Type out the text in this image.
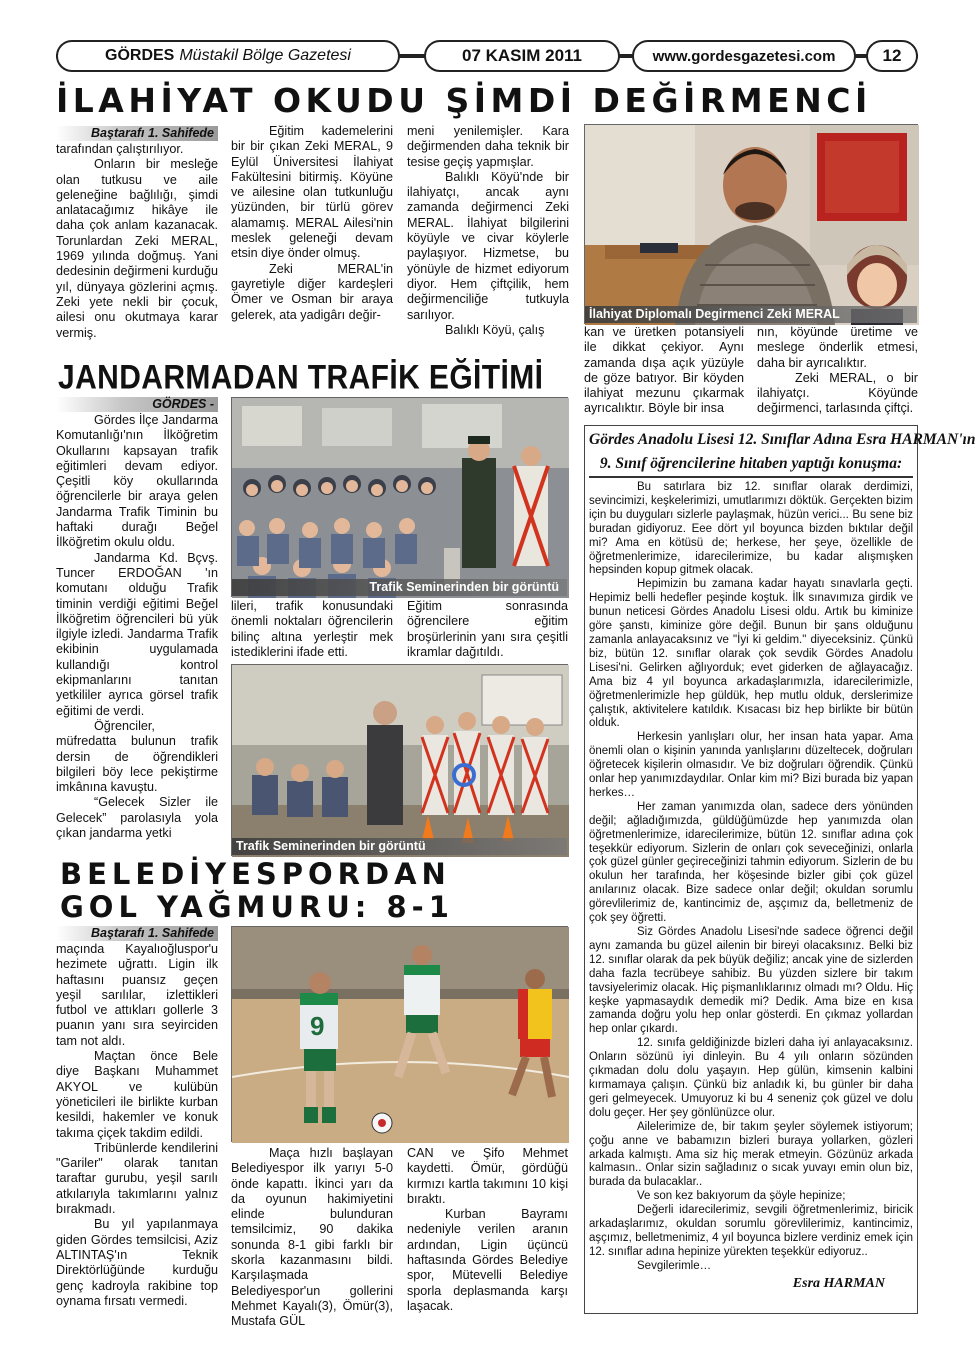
GÖRDES Müstakil Bölge Gazetesi	07 KASIM 2011	www.gordesgazetesi.com	12
İLAHİYAT OKUDU ŞİMDİ DEĞİRMENCİ
Baştarafı 1. Sahifede

tarafından çalıştırılıyor.

Onların bir mesleğe olan tutkusu ve aile geleneğine bağlılığı, şimdi anlatacağımız hikâye ile daha çok anlam kazanacak. Torunlardan Zeki MERAL, 1969 yılında doğmuş. Yani dedesinin değirmeni kurduğu yıl, dünyaya gözlerini açmış. Zeki yete nekli bir çocuk, ailesi onu okutmaya karar vermiş.

Eğitim kademelerini bir bir çıkan Zeki MERAL, 9 Eylül Üniversitesi İlahiyat Fakültesini bitirmiş. Köyüne ve ailesine olan tutkunluğu yüzünden, bir türlü görev alamamış. MERAL Ailesi'nin meslek geleneği devam etsin diye önder olmuş.

Zeki MERAL'in gayretiyle diğer kardeşleri Ömer ve Osman bir araya gelerek, ata yadigârı değir-

meni yenilemişler. Kara değirmenden daha teknik bir tesise geçiş yapmışlar.

Balıklı Köyü'nde bir ilahiyatçı, ancak aynı zamanda değirmenci Zeki MERAL. İlahiyat bilgilerini köyüyle ve civar köylerle paylaşıyor. Hizmetse, bu yönüyle de hizmet ediyorum diyor. Hem çiftçilik, hem değirmenciliğe tutkuyla sarılıyor.

Balıklı Köyü, çalış

İlahiyat Diplomalı Degirmenci Zeki MERAL

kan ve üretken potansiyeli ile dikkat çekiyor. Aynı zamanda dışa açık yüzüyle de göze batıyor. Bir köyden ilahiyat mezunu çıkarmak ayrıcalıktır. Böyle bir insa

nın, köyünde üretime ve meslege önderlik etmesi, daha bir ayrıcalıktır.

Zeki MERAL, o bir ilahiyatçı. Köyünde değirmenci, tarlasında çiftçi.

JANDARMADAN TRAFİK EĞİTİMİ
GÖRDES -

Gördes İlçe Jandarma Komutanlığı'nın İlköğretim Okullarını kapsayan trafik eğitimleri devam ediyor. Çeşitli köy okullarında öğrencilerle bir araya gelen Jandarma Trafik Timinin bu haftaki durağı Beğel İlköğretim okulu oldu.

Jandarma Kd. Bçvş. Tuncer ERDOĞAN 'ın komutanı olduğu Trafik timinin verdiği eğitimi Beğel İlköğretim öğrencileri bü yük ilgiyle izledi. Jandarma Trafik ekibinin uygulamada kullandığı kontrol ekipmanlarını tanıtan yetkililer ayrıca görsel trafik eğitimi de verdi.

Öğrenciler, müfredatta bulunun trafik dersin de öğrendikleri bilgileri böy lece pekiştirme imkânına kavuştu.

“Gelecek Sizler ile Gelecek” parolasıyla yola çıkan jandarma yetki

Trafik Seminerinden bir görüntü

lileri, trafik konusundaki önemli noktaları öğrencilerin bilinç altına yerleştir mek istediklerini ifade etti.

Eğitim sonrasında öğrencilere eğitim broşürlerinin yanı sıra çeşitli ikramlar dağıtıldı.

Trafik Seminerinden bir görüntü
BELEDİYESPORDAN
GOL YAĞMURU: 8-1
Baştarafı 1. Sahifede

maçında Kayalıoğluspor'u hezimete uğrattı. Ligin ilk haftasını puansız geçen yeşil sarılılar, izlettikleri futbol ve attıkları gollerle 3 puanın yanı sıra seyirciden tam not aldı.

Maçtan önce Bele diye Başkanı Muhammet AKYOL ve kulübün yöneticileri ile birlikte kurban kesildi, hakemler ve konuk takıma çiçek takdim edildi.

Tribünlerde kendilerini "Gariler" olarak tanıtan taraftar gurubu, yeşil sarılı atkılarıyla takımlarını yalnız bırakmadı.

Bu yıl yapılanmaya giden Gördes temsilcisi, Aziz ALTINTAŞ'ın Teknik Direktörlüğünde kurduğu genç kadroyla rakibine top oynama fırsatı vermedi.

9

Maça hızlı başlayan Belediyespor ilk yarıyı 5-0 önde kapattı. İkinci yarı da da oyunun hakimiyetini elinde bulunduran temsilcimiz, 90 dakika sonunda 8-1 gibi farklı bir skorla kazanmasını bildi. Karşılaşmada Belediyespor'un gollerini Mehmet Kayalı(3), Ömür(3), Mustafa GÜL

CAN ve Şifo Mehmet kaydetti. Ömür, gördüğü kırmızı kartla takımını 10 kişi bıraktı.

Kurban Bayramı nedeniyle verilen aranın ardından, Ligin üçüncü haftasında Gördes Belediye spor, Mütevelli Belediye sporla deplasmanda karşı laşacak.

Gördes Anadolu Lisesi 12. Sınıflar Adına Esra HARMAN'ın
9. Sınıf öğrencilerine hitaben yaptığı konuşma:

Bu satırlara biz 12. sınıflar olarak derdimizi, sevincimizi, keşkelerimizi, umutlarımızı döktük. Gerçekten bizim için bu duyguları sizlerle paylaşmak, hüzün verici... Bu sene biz buradan gidiyoruz. Eee dört yıl boyunca bizden bıktılar değil mi? Ama en kötüsü de; herkese, her şeye, özellikle de öğretmenlerimize, idarecilerimize, bu kadar alışmışken hepsinden kopup gitmek olacak.

Hepimizin bu zamana kadar hayatı sınavlarla geçti. Hepimiz belli hedefler peşinde koştuk. İlk sınavımıza girdik ve bunun neticesi Gördes Anadolu Lisesi oldu. Artık bu kiminize göre şanstı, kiminize göre değil. Bunun bir şans olduğunu zamanla anlayacaksınız ve "İyi ki geldim." diyeceksiniz. Çünkü biz, bütün 12. sınıflar olarak çok sevdik Gördes Anadolu Lisesi'ni. Gelirken ağlıyorduk; evet giderken de ağlayacağız. Ama biz 4 yıl boyunca arkadaşlarımızla, idarecilerimizle, öğretmenlerimizle hep güldük, hep mutlu olduk, derslerimize çalıştık, aktivitelere katıldık. Kısacası biz hep birlikte bir bütün olduk.

Herkesin yanlışları olur, her insan hata yapar. Ama önemli olan o kişinin yanında yanlışlarını düzeltecek, doğruları öğretecek kişilerin olmasıdır. Ve biz doğruları öğrendik. Çünkü onlar hep yanımızdaydılar. Onlar kim mi? Bizi burada biz yapan herkes…

Her zaman yanımızda olan, sadece ders yönünden değil; ağladığımızda, güldüğümüzde hep yanımızda olan öğretmenlerimize, idarecilerimize, bütün 12. sınıflar adına çok teşekkür ediyorum. Sizlerin de onları çok seveceğinizi, onlarla çok güzel günler geçireceğinizi tahmin ediyorum. Sizlerin de bu okulun her tarafında, her köşesinde bizler gibi çok güzel anılarınız olacak. Bize sadece onlar değil; okuldan sorumlu görevlilerimiz de, kantincimiz de, aşçımız da, belletmeniz de çok şey öğretti.

Siz Gördes Anadolu Lisesi'nde sadece öğrenci değil aynı zamanda bu güzel ailenin bir bireyi olacaksınız. Belki biz 12. sınıflar olarak da pek büyük değiliz; ancak yine de sizlerden daha fazla tecrübeye sahibiz. Bu yüzden sizlere bir takım tavsiyelerimiz olacak. Hiç pişmanlıklarınız olmadı mı? Oldu. Hiç keşke yapmasaydık demedik mi? Dedik. Ama bize en kısa zamanda doğru yolu hep onlar gösterdi. En çıkmaz yollardan hep onlar çıkardı.

12. sınıfa geldiğinizde bizleri daha iyi anlayacaksınız. Onların sözünü iyi dinleyin. Bu 4 yılı onların sözünden çıkmadan dolu dolu yaşayın. Hep gülün, kimsenin kalbini kırmamaya çalışın. Çünkü biz anladık ki, bu günler bir daha geri gelmeyecek. Umuyoruz ki bu 4 seneniz çok güzel ve dolu dolu geçer. Her şey gönlünüzce olur.

Ailelerimize de, bir takım şeyler söylemek istiyorum; çoğu anne ve babamızın bizleri buraya yollarken, gözleri arkada kalmıştı. Ama siz hiç merak etmeyin. Gözünüz arkada kalmasın.. Onlar sizin sağladınız o sıcak yuvayı emin olun biz, burada da bulacaklar..

Ve son kez bakıyorum da şöyle hepinize;

Değerli idarecilerimiz, sevgili öğretmenlerimiz, biricik arkadaşlarımız, okuldan sorumlu görevlilerimiz, kantincimiz, aşçımız, belletmenimiz, 4 yıl boyunca bizlere verdiniz emek için 12. sınıflar adına hepinize yürekten teşekkür ediyoruz..

Sevgilerimle…

Esra HARMAN
